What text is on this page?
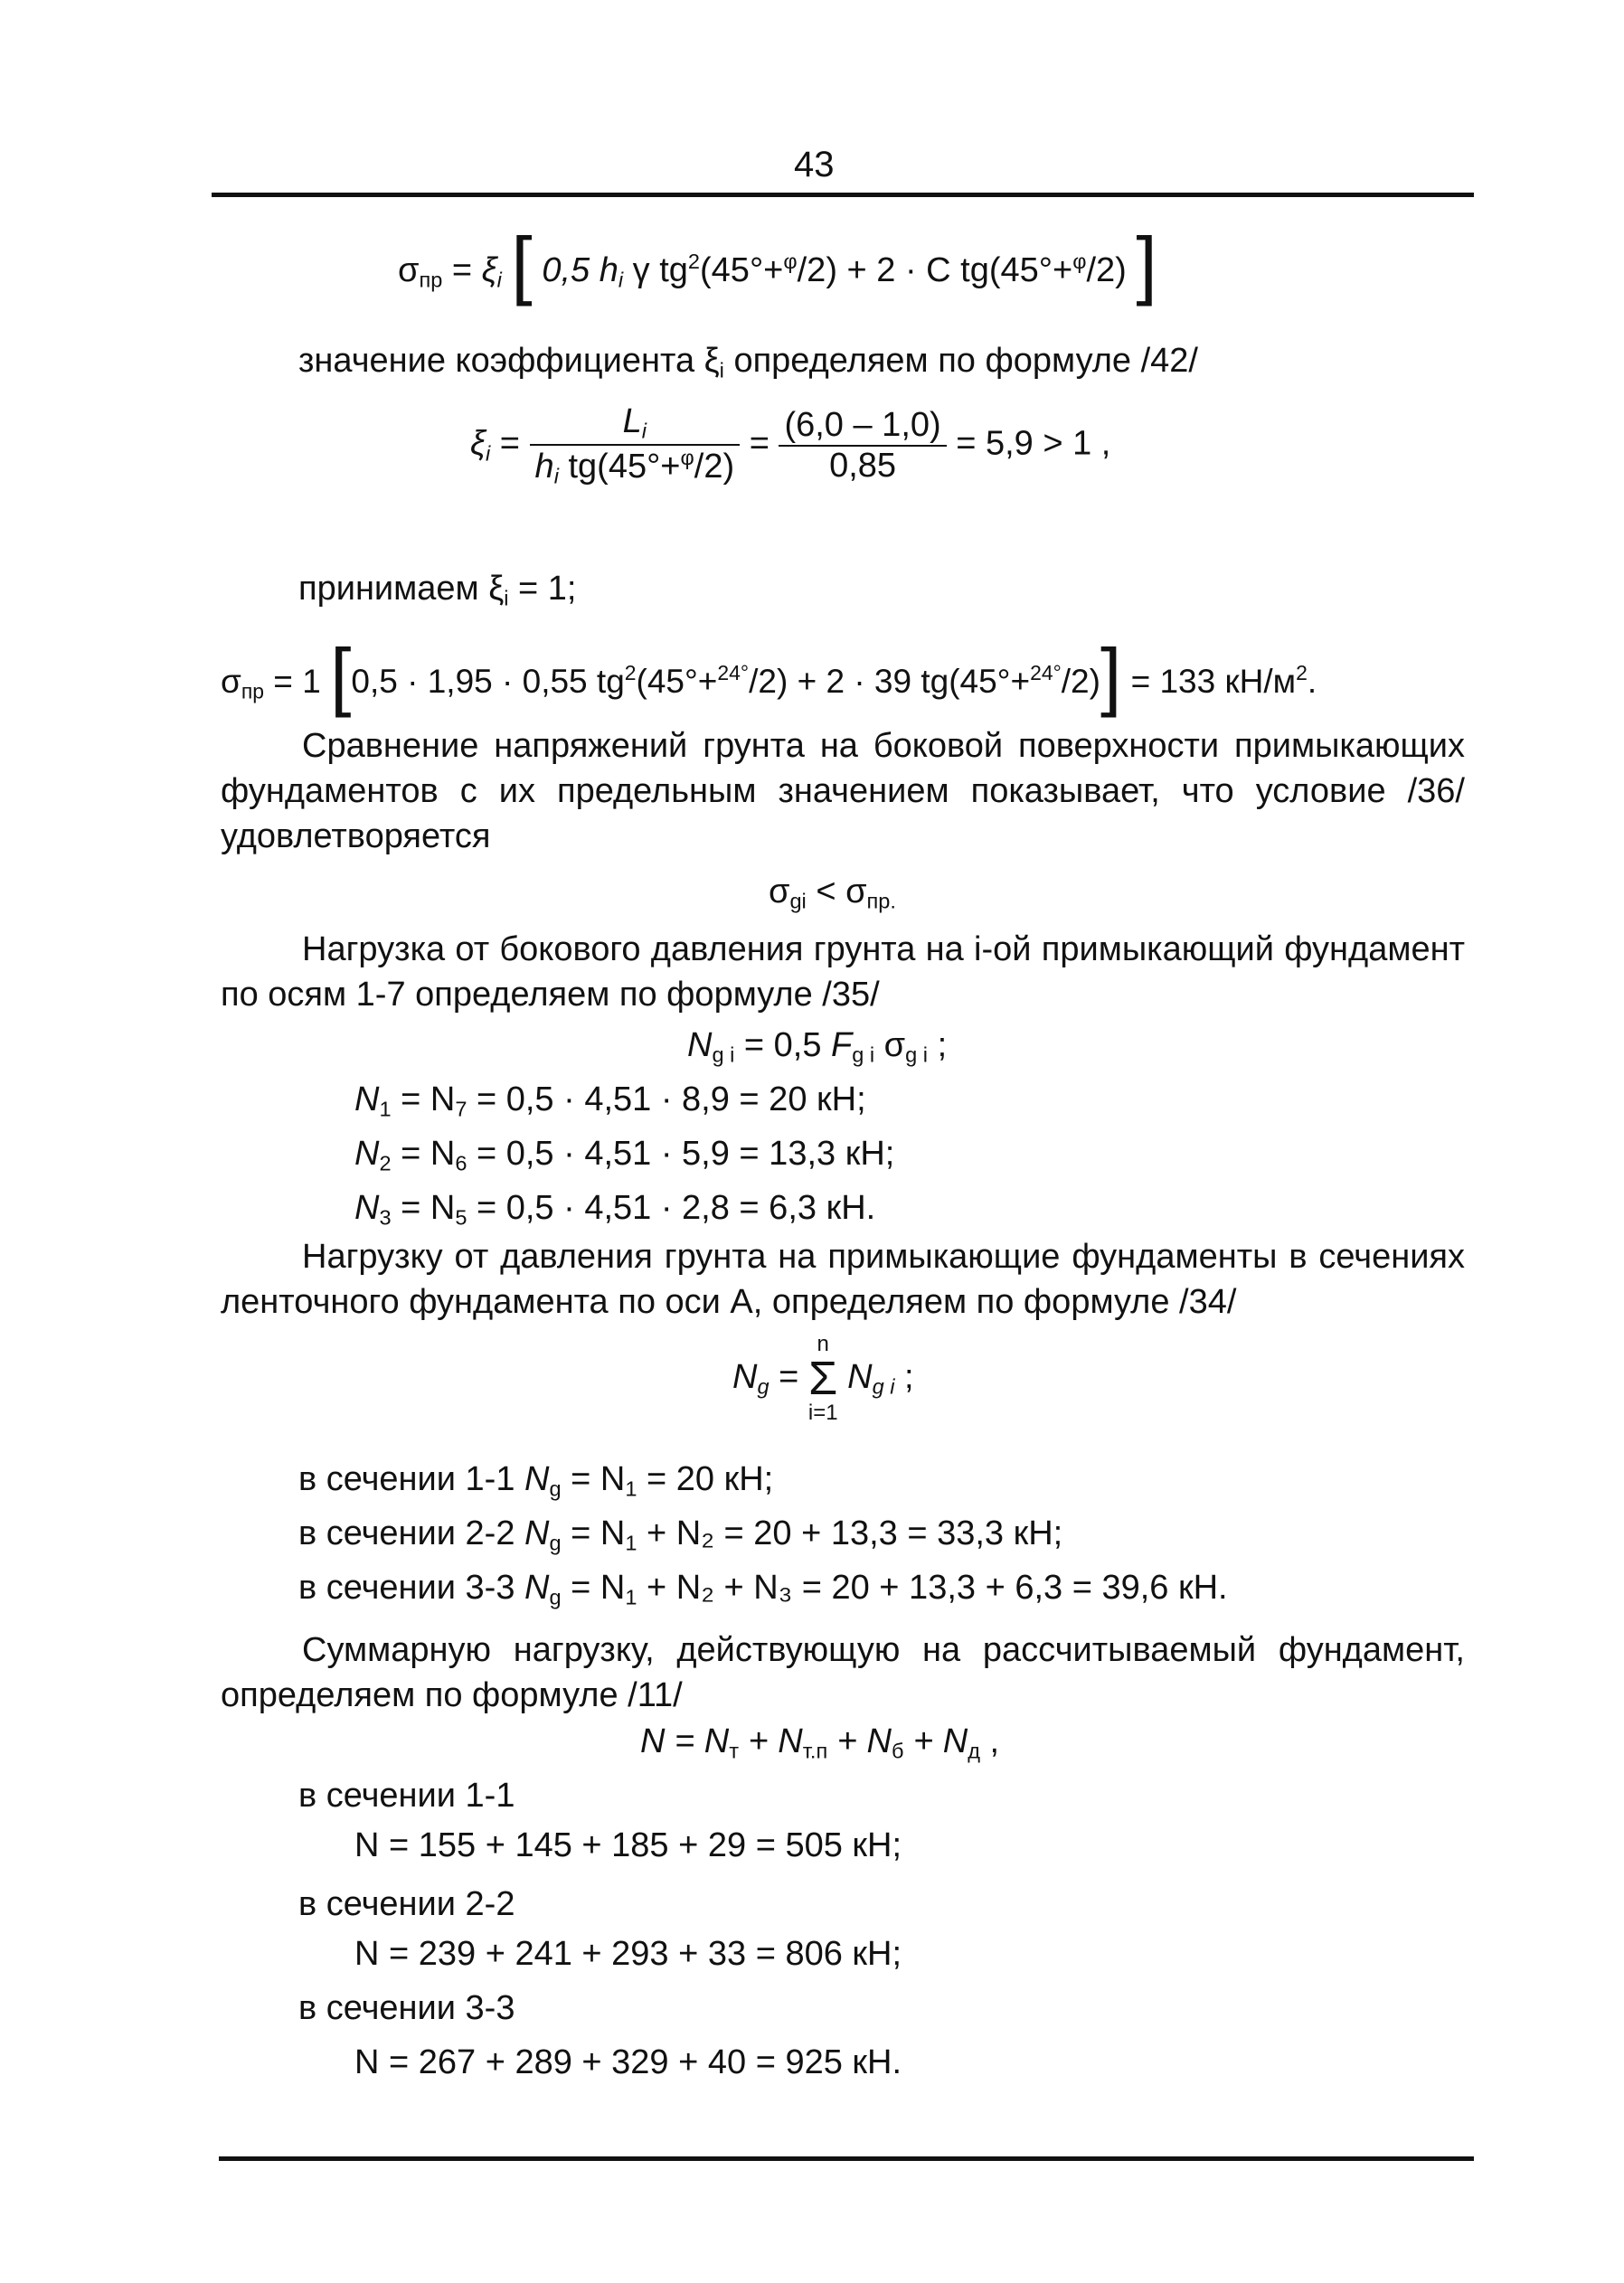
43
$\sigma_{пр} = \xi_i$ [ 0,5 $h_i$ γ $tg^2(45^\circ+^\varphi/2) + 2 \cdot C$ tg(45°+$^\varphi$/2) ]
значение коэффициента $\xi_i$ определяем по формуле /42/
$\xi_i = \frac{L_i}{h_i tg(45^\circ+^\varphi/2)} = \frac{(6,0 - 1,0)}{0,85} = 5,9 > 1$ ,
принимаем $\xi_i = 1$;
$\sigma_{пр} = 1$ [0,5 · 1,95 · 0,55 $tg^2(45^\circ+^{24^\circ}/2) + 2 \cdot 39$ tg(45°+$^{24^\circ}$/2)] = 133 $кН/м^2$.
Сравнение напряжений грунта на боковой поверхности примыкающих фундаментов с их предельным значением показывает, что условие /36/ удовлетворяется
$\sigma_{gi} < \sigma_{пр.}$
Нагрузка от бокового давления грунта на i-ой примыкающий фундамент по осям 1-7 определяем по формуле /35/
$N_{g i} = 0,5$ $F_{g i}$ $\sigma_{g i}$ ;
$N_1 = N_7 = 0,5 \cdot 4,51 \cdot 8,9 = 20$ кН;
$N_2 = N_6 = 0,5 \cdot 4,51 \cdot 5,9 = 13,3$ кН;
$N_3 = N_5 = 0,5 \cdot 4,51 \cdot 2,8 = 6,3$ кН.
Нагрузку от давления грунта на примыкающие фундаменты в сечениях ленточного фундамента по оси А, определяем по формуле /34/
$N_g$ =
n
Σ
i=1
$N_{g i}$ ;
в сечении 1-1 $N_g = N_1 = 20$ кН;
в сечении 2-2 $N_g = N_1 + N_2 = 20 + 13,3 = 33,3$ кН;
в сечении 3-3 $N_g = N_1 + N_2 + N_3 = 20 + 13,3 + 6,3 = 39,6$ кН.
Суммарную нагрузку, действующую на рассчитываемый фундамент, определяем по формуле /11/
$N = N_т + N_{т.п} + N_б + N_д$ ,
в сечении 1-1
N = 155 + 145 + 185 + 29 = 505 кН;
в сечении 2-2
N = 239 + 241 + 293 + 33 = 806 кН;
в сечении 3-3
N = 267 + 289 + 329 + 40 = 925 кН.
